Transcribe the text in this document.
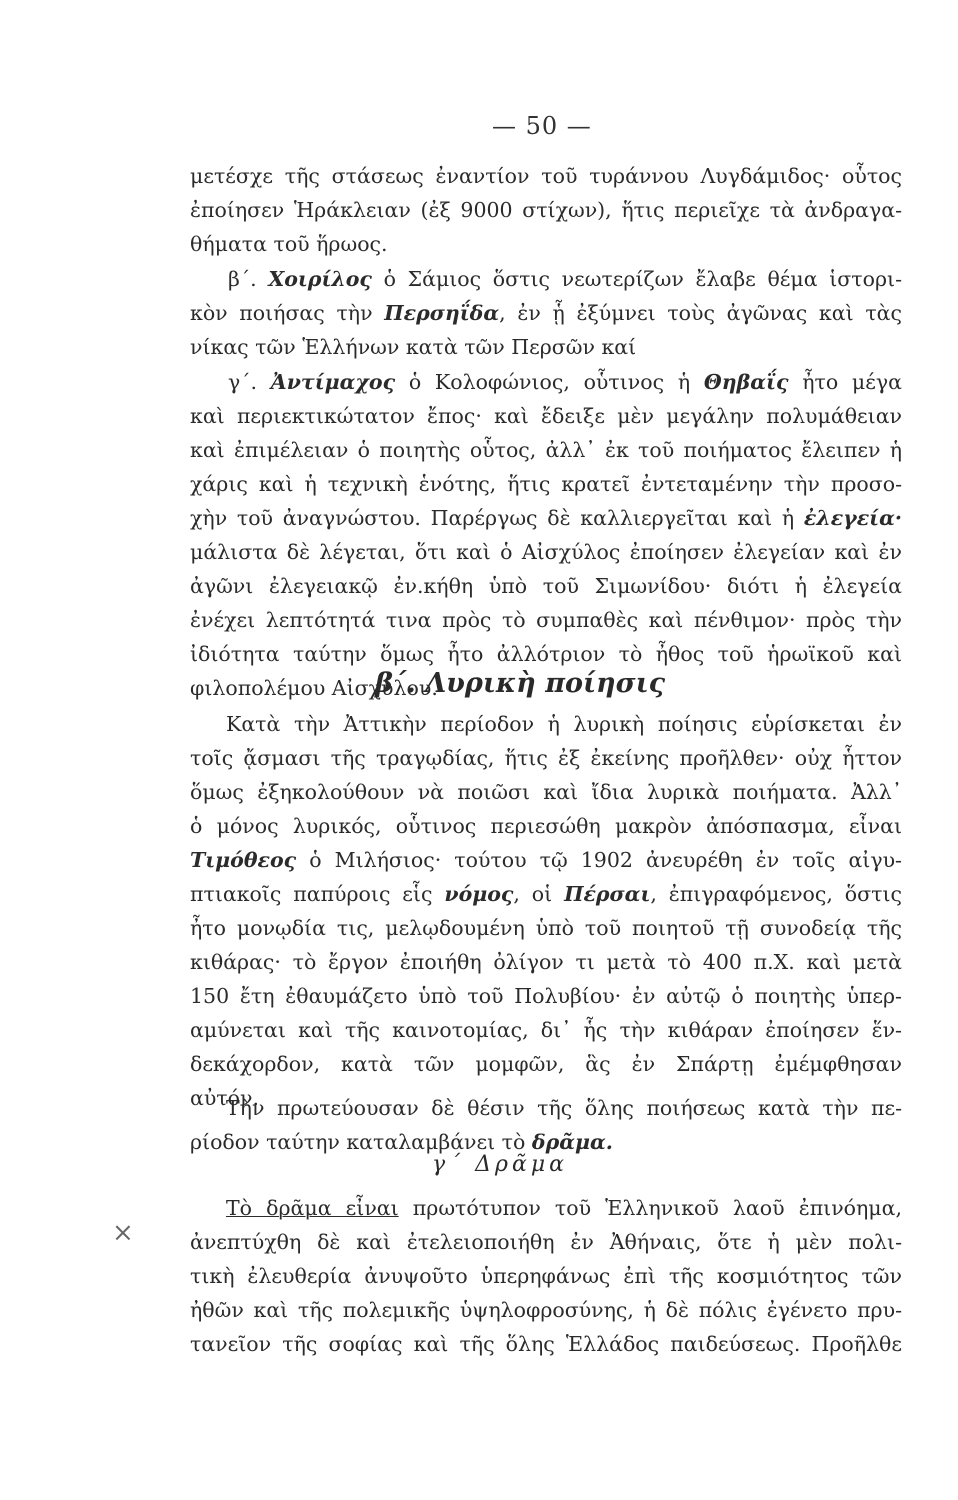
— 50 —
×
μετέσχε τῆς στάσεως ἐναντίον τοῦ τυράννου Λυγδάμιδος· οὗτος
ἐποίησεν Ἡράκλειαν (ἐξ 9000 στίχων), ἥτις περιεῖχε τὰ ἀνδραγα-
θήματα τοῦ ἥρωος.
β΄. Χοιρίλος ὁ Σάμιος ὅστις νεωτερίζων ἔλαβε θέμα ἱστορι-
κὸν ποιήσας τὴν Περσηΐδα, ἐν ᾗ ἐξύμνει τοὺς ἀγῶνας καὶ τὰς
νίκας τῶν Ἑλλήνων κατὰ τῶν Περσῶν καί
γ΄. Ἀντίμαχος ὁ Κολοφώνιος, οὗτινος ἡ Θηβαΐς ἦτο μέγα
καὶ περιεκτικώτατον ἔπος· καὶ ἔδειξε μὲν μεγάλην πολυμάθειαν
καὶ ἐπιμέλειαν ὁ ποιητὴς οὗτος, ἀλλ᾽ ἐκ τοῦ ποιήματος ἔλειπεν ἡ
χάρις καὶ ἡ τεχνικὴ ἑνότης, ἥτις κρατεῖ ἐντεταμένην τὴν προσο-
χὴν τοῦ ἀναγνώστου. Παρέργως δὲ καλλιεργεῖται καὶ ἡ ἐλεγεία·
μάλιστα δὲ λέγεται, ὅτι καὶ ὁ Αἰσχύλος ἐποίησεν ἐλεγείαν καὶ ἐν
ἀγῶνι ἐλεγειακῷ ἐν.κήθη ὑπὸ τοῦ Σιμωνίδου· διότι ἡ ἐλεγεία
ἐνέχει λεπτότητά τινα πρὸς τὸ συμπαθὲς καὶ πένθιμον· πρὸς τὴν
ἰδιότητα ταύτην ὅμως ἦτο ἀλλότριον τὸ ἦθος τοῦ ἡρωϊκοῦ καὶ
φιλοπολέμου Αἰσχύλου.
β΄. Λυρικὴ ποίησις
Κατὰ τὴν Ἀττικὴν περίοδον ἡ λυρικὴ ποίησις εὑρίσκεται ἐν
τοῖς ᾄσμασι τῆς τραγῳδίας, ἥτις ἐξ ἐκείνης προῆλθεν· οὐχ ἧττον
ὅμως ἐξηκολούθουν νὰ ποιῶσι καὶ ἴδια λυρικὰ ποιήματα. Ἀλλ᾽
ὁ μόνος λυρικός, οὗτινος περιεσώθη μακρὸν ἀπόσπασμα, εἶναι
Τιμόθεος ὁ Μιλήσιος· τούτου τῷ 1902 ἀνευρέθη ἐν τοῖς αἰγυ-
πτιακοῖς παπύροις εἷς νόμος, οἱ Πέρσαι, ἐπιγραφόμενος, ὅστις
ἦτο μονῳδία τις, μελῳδουμένη ὑπὸ τοῦ ποιητοῦ τῇ συνοδείᾳ τῆς
κιθάρας· τὸ ἔργον ἐποιήθη ὀλίγον τι μετὰ τὸ 400 π.Χ. καὶ μετὰ
150 ἔτη ἐθαυμάζετο ὑπὸ τοῦ Πολυβίου· ἐν αὐτῷ ὁ ποιητὴς ὑπερ-
αμύνεται καὶ τῆς καινοτομίας, δι᾽ ἧς τὴν κιθάραν ἐποίησεν ἕν-
δεκάχορδον, κατὰ τῶν μομφῶν, ἃς ἐν Σπάρτῃ ἐμέμφθησαν
αὐτόν.
Τὴν πρωτεύουσαν δὲ θέσιν τῆς ὅλης ποιήσεως κατὰ τὴν πε-
ρίοδον ταύτην καταλαμβάνει τὸ δρᾶμα.
γ΄ Δρᾶμα
Τὸ δρᾶμα εἶναι πρωτότυπον τοῦ Ἑλληνικοῦ λαοῦ ἐπινόημα,
ἀνεπτύχθη δὲ καὶ ἐτελειοποιήθη ἐν Ἀθήναις, ὅτε ἡ μὲν πολι-
τικὴ ἐλευθερία ἀνυψοῦτο ὑπερηφάνως ἐπὶ τῆς κοσμιότητος τῶν
ἠθῶν καὶ τῆς πολεμικῆς ὑψηλοφροσύνης, ἡ δὲ πόλις ἐγένετο πρυ-
τανεῖον τῆς σοφίας καὶ τῆς ὅλης Ἑλλάδος παιδεύσεως. Προῆλθε
